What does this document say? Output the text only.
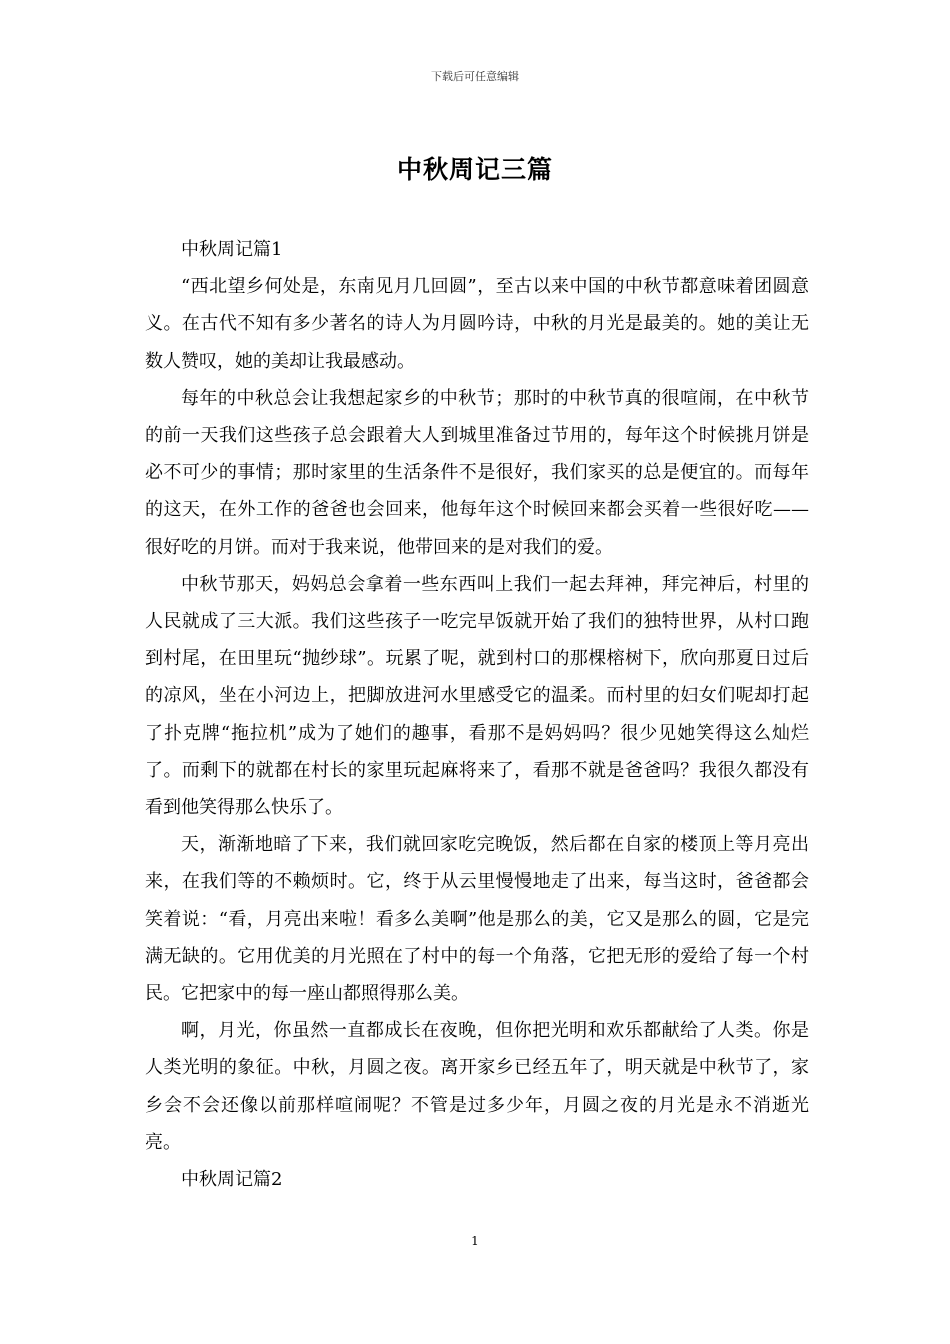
下载后可任意编辑
中秋周记三篇

中秋周记篇1

“西北望乡何处是，东南见月几回圆”，至古以来中国的中秋节都意味着团圆意义。在古代不知有多少著名的诗人为月圆吟诗，中秋的月光是最美的。她的美让无数人赞叹，她的美却让我最感动。

每年的中秋总会让我想起家乡的中秋节；那时的中秋节真的很喧闹，在中秋节的前一天我们这些孩子总会跟着大人到城里准备过节用的，每年这个时候挑月饼是必不可少的事情；那时家里的生活条件不是很好，我们家买的总是便宜的。而每年的这天，在外工作的爸爸也会回来，他每年这个时候回来都会买着一些很好吃——很好吃的月饼。而对于我来说，他带回来的是对我们的爱。

中秋节那天，妈妈总会拿着一些东西叫上我们一起去拜神，拜完神后，村里的人民就成了三大派。我们这些孩子一吃完早饭就开始了我们的独特世界，从村口跑到村尾，在田里玩“抛纱球”。玩累了呢，就到村口的那棵榕树下，欣向那夏日过后的凉风，坐在小河边上，把脚放进河水里感受它的温柔。而村里的妇女们呢却打起了扑克牌“拖拉机”成为了她们的趣事，看那不是妈妈吗？很少见她笑得这么灿烂了。而剩下的就都在村长的家里玩起麻将来了，看那不就是爸爸吗？我很久都没有看到他笑得那么快乐了。

天，渐渐地暗了下来，我们就回家吃完晚饭，然后都在自家的楼顶上等月亮出来，在我们等的不赖烦时。它，终于从云里慢慢地走了出来，每当这时，爸爸都会笑着说：“看，月亮出来啦！看多么美啊”他是那么的美，它又是那么的圆，它是完满无缺的。它用优美的月光照在了村中的每一个角落，它把无形的爱给了每一个村民。它把家中的每一座山都照得那么美。

啊，月光，你虽然一直都成长在夜晚，但你把光明和欢乐都献给了人类。你是人类光明的象征。中秋，月圆之夜。离开家乡已经五年了，明天就是中秋节了，家乡会不会还像以前那样喧闹呢？不管是过多少年，月圆之夜的月光是永不消逝光亮。

中秋周记篇2

1
